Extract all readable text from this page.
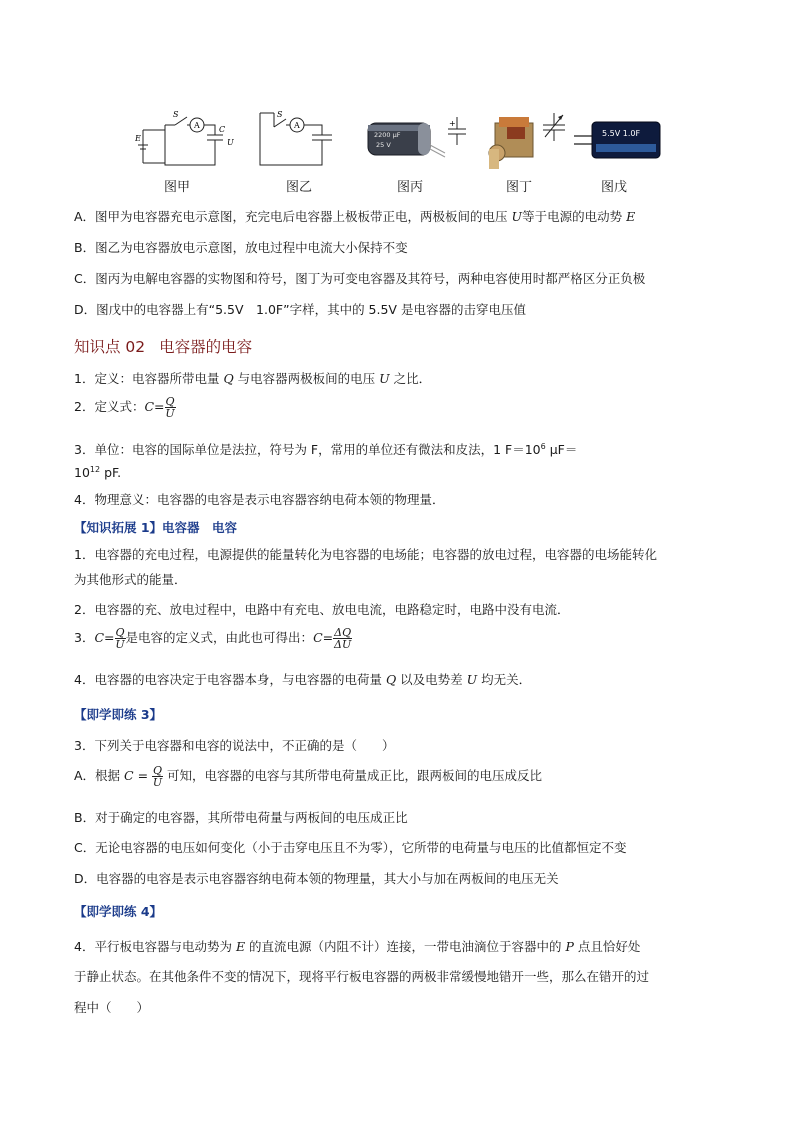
S
A C
E	U
S
A
2200 μF
25 V
+
5.5V 1.0F
图甲	图乙	图丙	图丁	图戊
A．图甲为电容器充电示意图，充完电后电容器上极板带正电，两极板间的电压 U等于电源的电动势 E
B．图乙为电容器放电示意图，放电过程中电流大小保持不变
C．图丙为电解电容器的实物图和符号，图丁为可变电容器及其符号，两种电容使用时都严格区分正负极
D．图戊中的电容器上有“5.5V　1.0F”字样，其中的 5.5V 是电容器的击穿电压值
知识点 02 电容器的电容
1．定义：电容器所带电量 Q 与电容器两极板间的电压 U 之比．
2．定义式：$C= \frac{Q}{U}$
3．单位：电容的国际单位是法拉，符号为 F，常用的单位还有微法和皮法，1 $F=10^6$ μF＝
$10^{12}$ pF.
4．物理意义：电容器的电容是表示电容器容纳电荷本领的物理量．
【知识拓展 1】电容器　电容
1．电容器的充电过程，电源提供的能量转化为电容器的电场能；电容器的放电过程，电容器的电场能转化
为其他形式的能量．
2．电容器的充、放电过程中，电路中有充电、放电电流，电路稳定时，电路中没有电流．
3．$C= \frac{Q}{U}$ 是电容的定义式，由此也可得出：$C= \frac{\Delta Q}{\Delta U}$
4．电容器的电容决定于电容器本身，与电容器的电荷量 Q 以及电势差 U 均无关．
【即学即练 3】
3．下列关于电容器和电容的说法中，不正确的是（　　）
A．根据 $C = \frac{Q}{U}$ 可知，电容器的电容与其所带电荷量成正比，跟两板间的电压成反比
B．对于确定的电容器，其所带电荷量与两板间的电压成正比
C．无论电容器的电压如何变化（小于击穿电压且不为零），它所带的电荷量与电压的比值都恒定不变
D．电容器的电容是表示电容器容纳电荷本领的物理量，其大小与加在两板间的电压无关
【即学即练 4】
4．平行板电容器与电动势为 E 的直流电源（内阻不计）连接，一带电油滴位于容器中的 P 点且恰好处
于静止状态。在其他条件不变的情况下，现将平行板电容器的两极非常缓慢地错开一些，那么在错开的过
程中（　　）
